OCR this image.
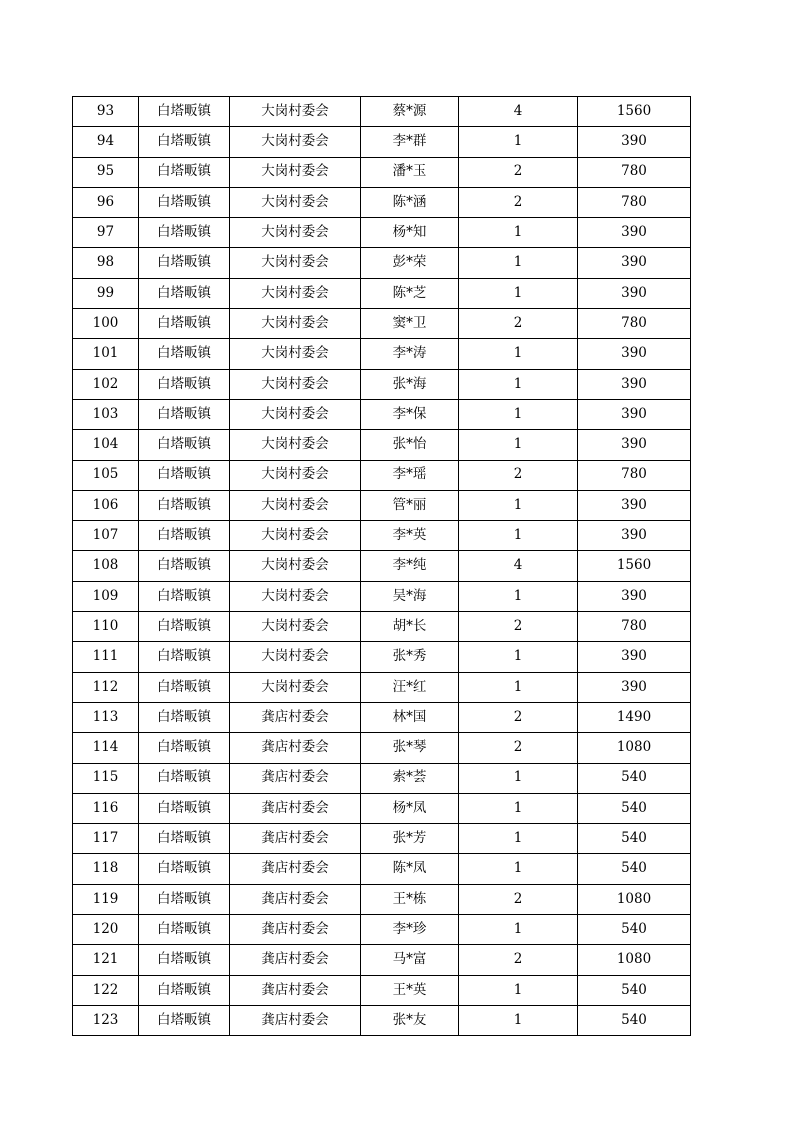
93	白塔畈镇	大岗村委会	蔡*源	4	1560
94	白塔畈镇	大岗村委会	李*群	1	390
95	白塔畈镇	大岗村委会	潘*玉	2	780
96	白塔畈镇	大岗村委会	陈*涵	2	780
97	白塔畈镇	大岗村委会	杨*知	1	390
98	白塔畈镇	大岗村委会	彭*荣	1	390
99	白塔畈镇	大岗村委会	陈*芝	1	390
100	白塔畈镇	大岗村委会	窦*卫	2	780
101	白塔畈镇	大岗村委会	李*涛	1	390
102	白塔畈镇	大岗村委会	张*海	1	390
103	白塔畈镇	大岗村委会	李*保	1	390
104	白塔畈镇	大岗村委会	张*怡	1	390
105	白塔畈镇	大岗村委会	李*瑶	2	780
106	白塔畈镇	大岗村委会	管*丽	1	390
107	白塔畈镇	大岗村委会	李*英	1	390
108	白塔畈镇	大岗村委会	李*纯	4	1560
109	白塔畈镇	大岗村委会	吴*海	1	390
110	白塔畈镇	大岗村委会	胡*长	2	780
111	白塔畈镇	大岗村委会	张*秀	1	390
112	白塔畈镇	大岗村委会	汪*红	1	390
113	白塔畈镇	龚店村委会	林*国	2	1490
114	白塔畈镇	龚店村委会	张*琴	2	1080
115	白塔畈镇	龚店村委会	索*荟	1	540
116	白塔畈镇	龚店村委会	杨*凤	1	540
117	白塔畈镇	龚店村委会	张*芳	1	540
118	白塔畈镇	龚店村委会	陈*凤	1	540
119	白塔畈镇	龚店村委会	王*栋	2	1080
120	白塔畈镇	龚店村委会	李*珍	1	540
121	白塔畈镇	龚店村委会	马*富	2	1080
122	白塔畈镇	龚店村委会	王*英	1	540
123	白塔畈镇	龚店村委会	张*友	1	540
